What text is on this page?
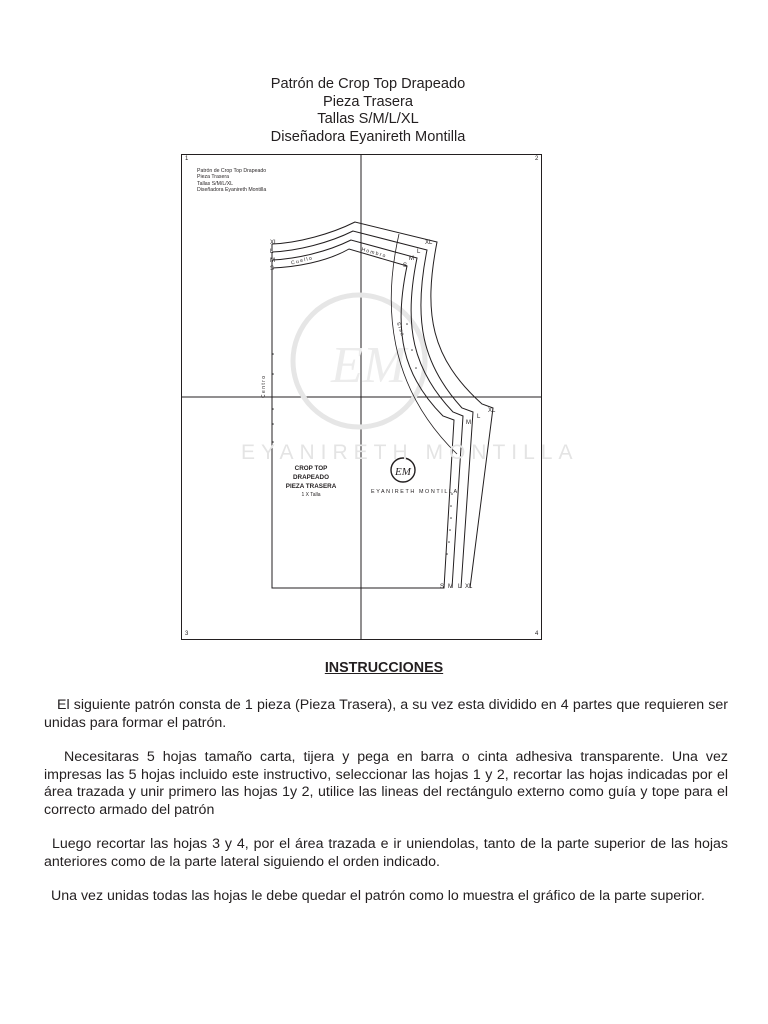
Patrón de Crop Top Drapeado
Pieza Trasera
Tallas S/M/L/XL
Diseñadora Eyanireth Montilla
EM
EM
1	2
3	4
Patrón de Crop Top Drapeado
Pieza Trasera
Tallas S/M/L/XL
Diseñadora Eyanireth Montilla
C u e l l o
H o m b r o
S i s a
C e n t r o
XL
L
M
S
XL
L
M
S
XL
L
M
S M L XL
EYANIRETH MONTILLA
CROP TOP DRAPEADO
PIEZA TRASERA
1 X Talla	EYANIRETH MONTILLA
INSTRUCCIONES

El siguiente patrón consta de 1 pieza (Pieza Trasera), a su vez esta dividido en 4 partes que requieren ser unidas para formar el patrón.

Necesitaras 5 hojas tamaño carta, tijera y pega en barra o cinta adhesiva transparente. Una vez impresas las 5 hojas incluido este instructivo, seleccionar las hojas 1 y 2, recortar las hojas indicadas por el área trazada y unir primero las hojas 1y 2, utilice las lineas del rectángulo externo como guía y tope para el correcto armado del patrón

Luego recortar las hojas 3 y 4, por el área trazada e ir uniendolas, tanto de la parte superior de las hojas anteriores como de la parte lateral siguiendo el orden indicado.

Una vez unidas todas las hojas le debe quedar el patrón como lo muestra el gráfico de la parte superior.
